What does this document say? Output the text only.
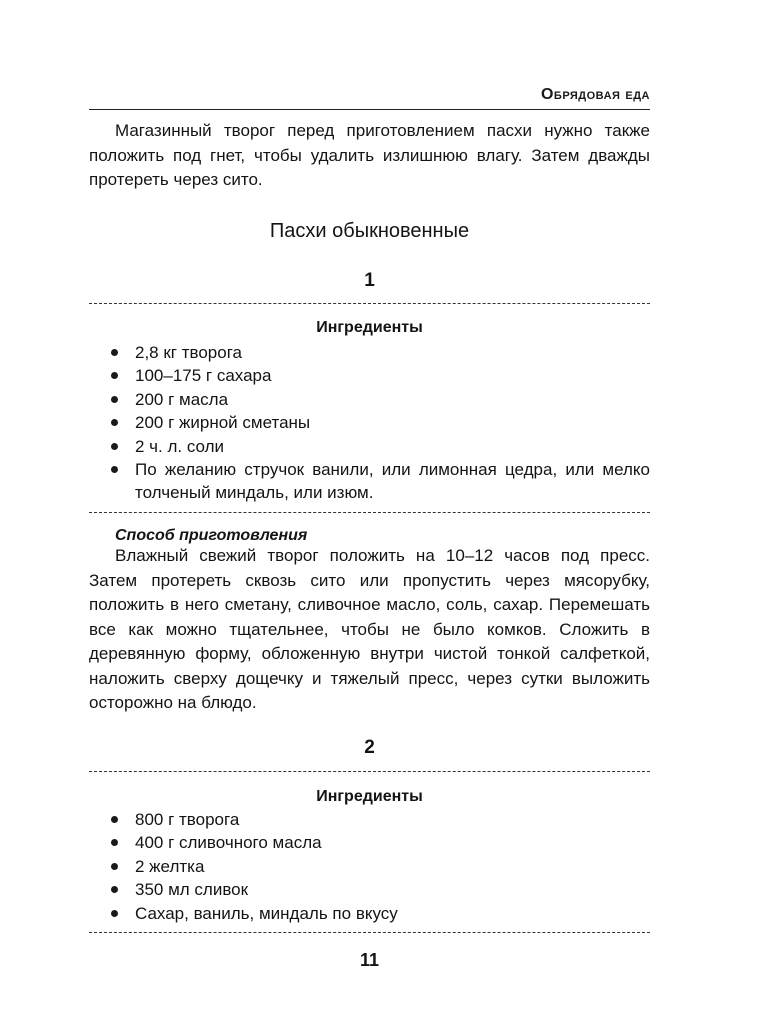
Обрядовая еда

Магазинный творог перед приготовлением пасхи нужно также положить под гнет, чтобы удалить излишнюю влагу. Затем дважды протереть через сито.

Пасхи обыкновенные
1
Ингредиенты
2,8 кг творога
100–175 г сахара
200 г масла
200 г жирной сметаны
2 ч. л. соли
По желанию стручок ванили, или лимонная цедра, или мелко толченый миндаль, или изюм.
Способ приготовления

Влажный свежий творог положить на 10–12 часов под пресс. Затем протереть сквозь сито или пропустить через мясорубку, положить в него сметану, сливочное масло, соль, сахар. Перемешать все как можно тщательнее, чтобы не было комков. Сложить в деревянную форму, обложенную внутри чистой тонкой салфеткой, наложить сверху дощечку и тяжелый пресс, через сутки выложить осторожно на блюдо.

2
Ингредиенты
800 г творога
400 г сливочного масла
2 желтка
350 мл сливок
Сахар, ваниль, миндаль по вкусу
11
